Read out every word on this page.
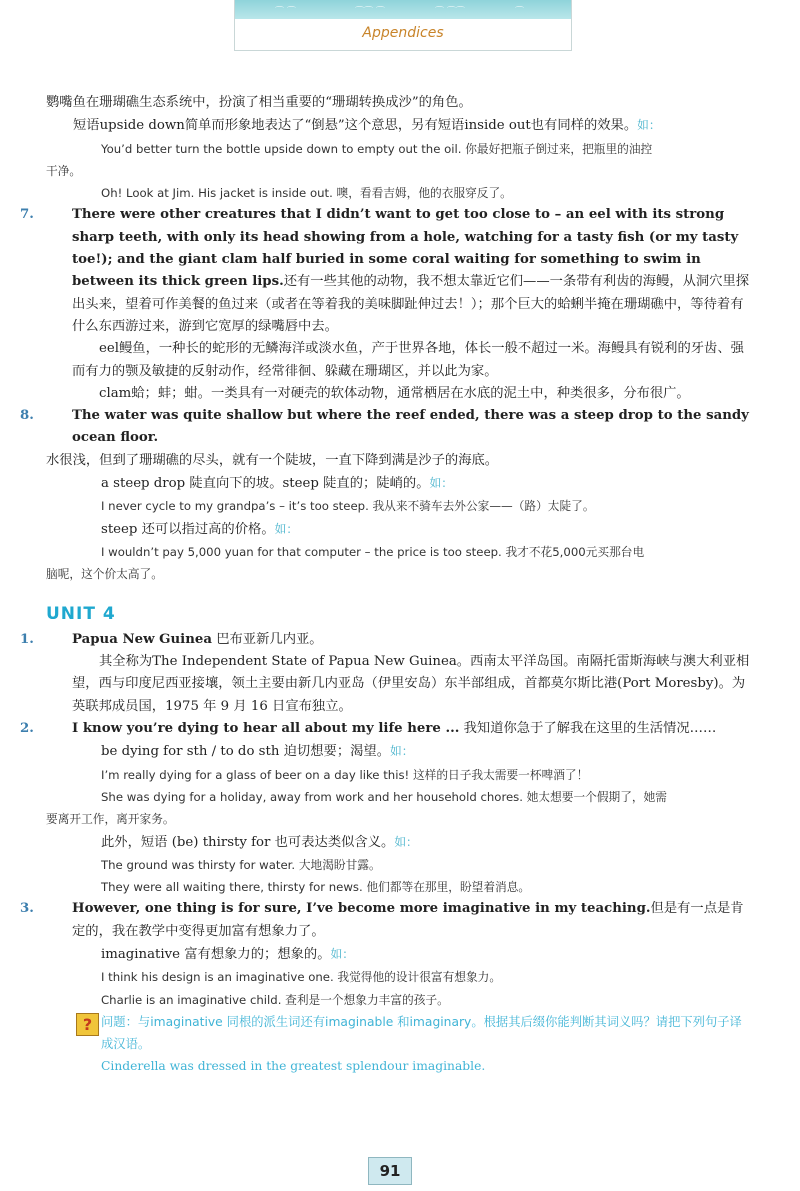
⌒ ⌒	⌒⌒ ⌒	⌒ ⌒⌒	⌒
Appendices

鹦嘴鱼在珊瑚礁生态系统中，扮演了相当重要的“珊瑚转换成沙”的角色。

短语upside down简单而形象地表达了“倒悬”这个意思，另有短语inside out也有同样的效果。如：

You’d better turn the bottle upside down to empty out the oil. 你最好把瓶子倒过来，把瓶里的油控

干净。

Oh! Look at Jim. His jacket is inside out. 噢，看看吉姆，他的衣服穿反了。

7.	There were other creatures that I didn’t want to get too close to – an eel with its strong sharp teeth, with only its head showing from a hole, watching for a tasty fish (or my tasty toe!); and the giant clam half buried in some coral waiting for something to swim in between its thick green lips.还有一些其他的动物，我不想太靠近它们——一条带有利齿的海鳗，从洞穴里探出头来，望着可作美餐的鱼过来（或者在等着我的美味脚趾伸过去！）；那个巨大的蛤蜊半掩在珊瑚礁中，等待着有什么东西游过来，游到它宽厚的绿嘴唇中去。

eel鳗鱼，一种长的蛇形的无鳞海洋或淡水鱼，产于世界各地，体长一般不超过一米。海鳗具有锐利的牙齿、强而有力的颚及敏捷的反射动作，经常徘徊、躲藏在珊瑚区，并以此为家。

clam蛤；蚌；蚶。一类具有一对硬壳的软体动物，通常栖居在水底的泥土中，种类很多，分布很广。

8.	The water was quite shallow but where the reef ended, there was a steep drop to the sandy ocean floor.

水很浅，但到了珊瑚礁的尽头，就有一个陡坡，一直下降到满是沙子的海底。

a steep drop 陡直向下的坡。steep 陡直的；陡峭的。如：

I never cycle to my grandpa’s – it’s too steep. 我从来不骑车去外公家——（路）太陡了。

steep 还可以指过高的价格。如：

I wouldn’t pay 5,000 yuan for that computer – the price is too steep. 我才不花5,000元买那台电

脑呢，这个价太高了。

UNIT 4

1.	Papua New Guinea 巴布亚新几内亚。

其全称为The Independent State of Papua New Guinea。西南太平洋岛国。南隔托雷斯海峡与澳大利亚相望，西与印度尼西亚接壤，领土主要由新几内亚岛（伊里安岛）东半部组成，首都莫尔斯比港(Port Moresby)。为英联邦成员国，1975 年 9 月 16 日宣布独立。

2.	I know you’re dying to hear all about my life here ... 我知道你急于了解我在这里的生活情况……

be dying for sth / to do sth 迫切想要；渴望。如：

I’m really dying for a glass of beer on a day like this! 这样的日子我太需要一杯啤酒了！

She was dying for a holiday, away from work and her household chores. 她太想要一个假期了，她需

要离开工作，离开家务。

此外，短语 (be) thirsty for 也可表达类似含义。如：

The ground was thirsty for water. 大地渴盼甘露。

They were all waiting there, thirsty for news. 他们都等在那里，盼望着消息。

3.	However, one thing is for sure, I’ve become more imaginative in my teaching.但是有一点是肯定的，我在教学中变得更加富有想象力了。

imaginative 富有想象力的；想象的。如：

I think his design is an imaginative one. 我觉得他的设计很富有想象力。

Charlie is an imaginative child. 查利是一个想象力丰富的孩子。

? 问题：与imaginative 同根的派生词还有imaginable 和imaginary。根据其后缀你能判断其词义吗？请把下列句子译成汉语。

Cinderella was dressed in the greatest splendour imaginable.

91
